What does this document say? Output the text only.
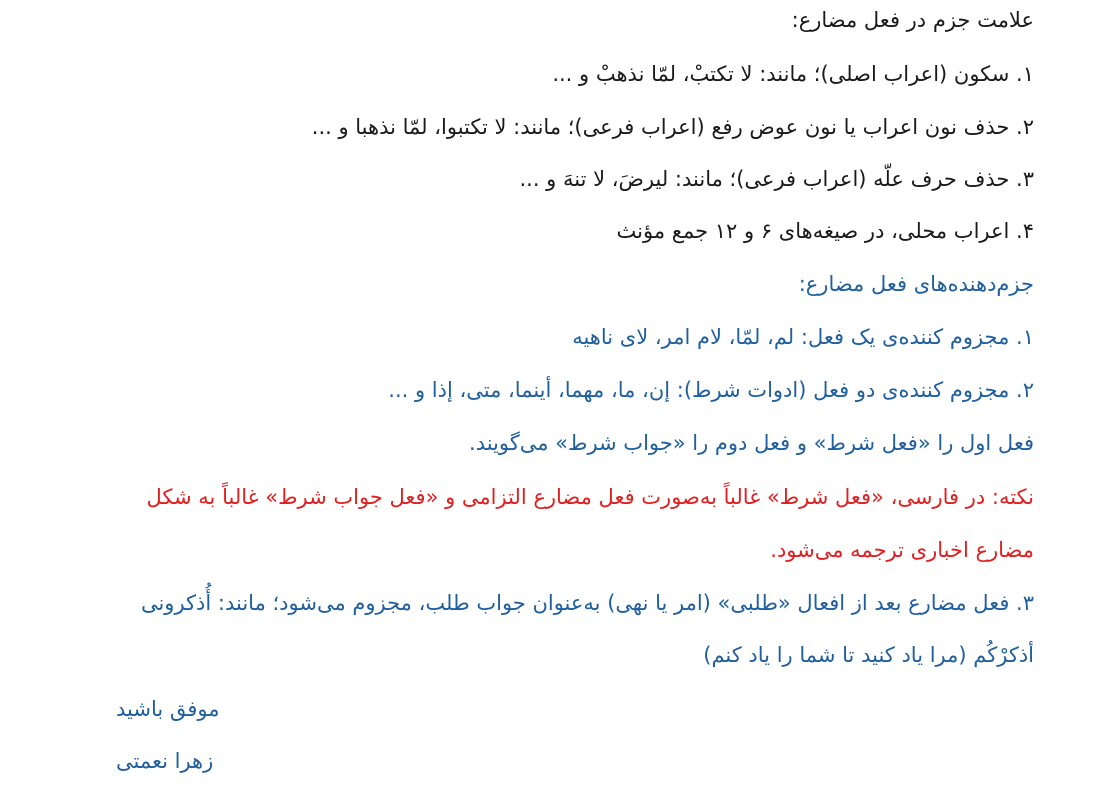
علامت جزم در فعل مضارع:
۱. سکون (اعراب اصلی)؛ مانند: لا تکتبْ، لمّا نذهبْ و ...
۲. حذف نون اعراب یا نون عوض رفع (اعراب فرعی)؛ مانند: لا تکتبوا، لمّا نذهبا و ...
۳. حذف حرف علّه (اعراب فرعی)؛ مانند: لیرضَ، لا تنهَ و ...
۴. اعراب محلی، در صیغه‌های ۶ و ۱۲ جمع مؤنث
جزم‌دهنده‌های فعل مضارع:
۱. مجزوم کننده‌ی یک فعل: لم، لمّا، لام امر، لای ناهیه
۲. مجزوم کننده‌ی دو فعل (ادوات شرط): إن، ما، مهما، أینما، متی، إذا و ...
فعل اول را «فعل شرط» و فعل دوم را «جواب شرط» می‌گویند.
نکته: در فارسی، «فعل شرط» غالباً به‌صورت فعل مضارع التزامی و «فعل جواب شرط» غالباً به شکل
مضارع اخباری ترجمه می‌شود.
۳. فعل مضارع بعد از افعال «طلبی» (امر یا نهی) به‌عنوان جواب طلب، مجزوم می‌شود؛ مانند: أُذکرونی
أذکرْکُم (مرا یاد کنید تا شما را یاد کنم)
موفق باشید
زهرا نعمتی
